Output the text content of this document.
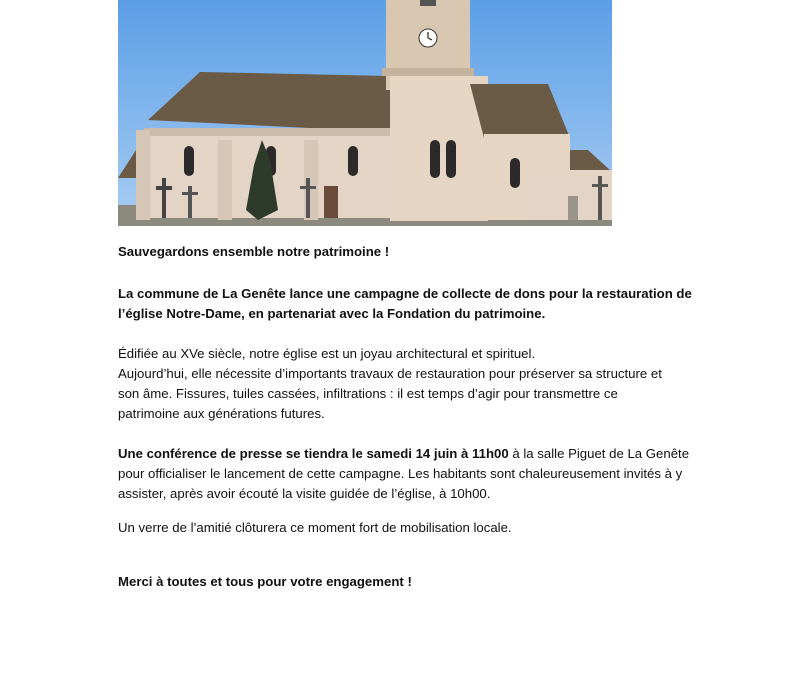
Sauvegardons ensemble notre patrimoine !

La commune de La Genête lance une campagne de collecte de dons pour la restauration de

l’église Notre-Dame, en partenariat avec la Fondation du patrimoine.

Édifiée au XVe siècle, notre église est un joyau architectural et spirituel.

Aujourd’hui, elle nécessite d’importants travaux de restauration pour préserver sa structure et

son âme. Fissures, tuiles cassées, infiltrations : il est temps d’agir pour transmettre ce

patrimoine aux générations futures.

Une conférence de presse se tiendra le samedi 14 juin à 11h00 à la salle Piguet de La Genête

pour officialiser le lancement de cette campagne. Les habitants sont chaleureusement invités à y

assister, après avoir écouté la visite guidée de l’église, à 10h00.

Un verre de l’amitié clôturera ce moment fort de mobilisation locale.

Merci à toutes et tous pour votre engagement !
